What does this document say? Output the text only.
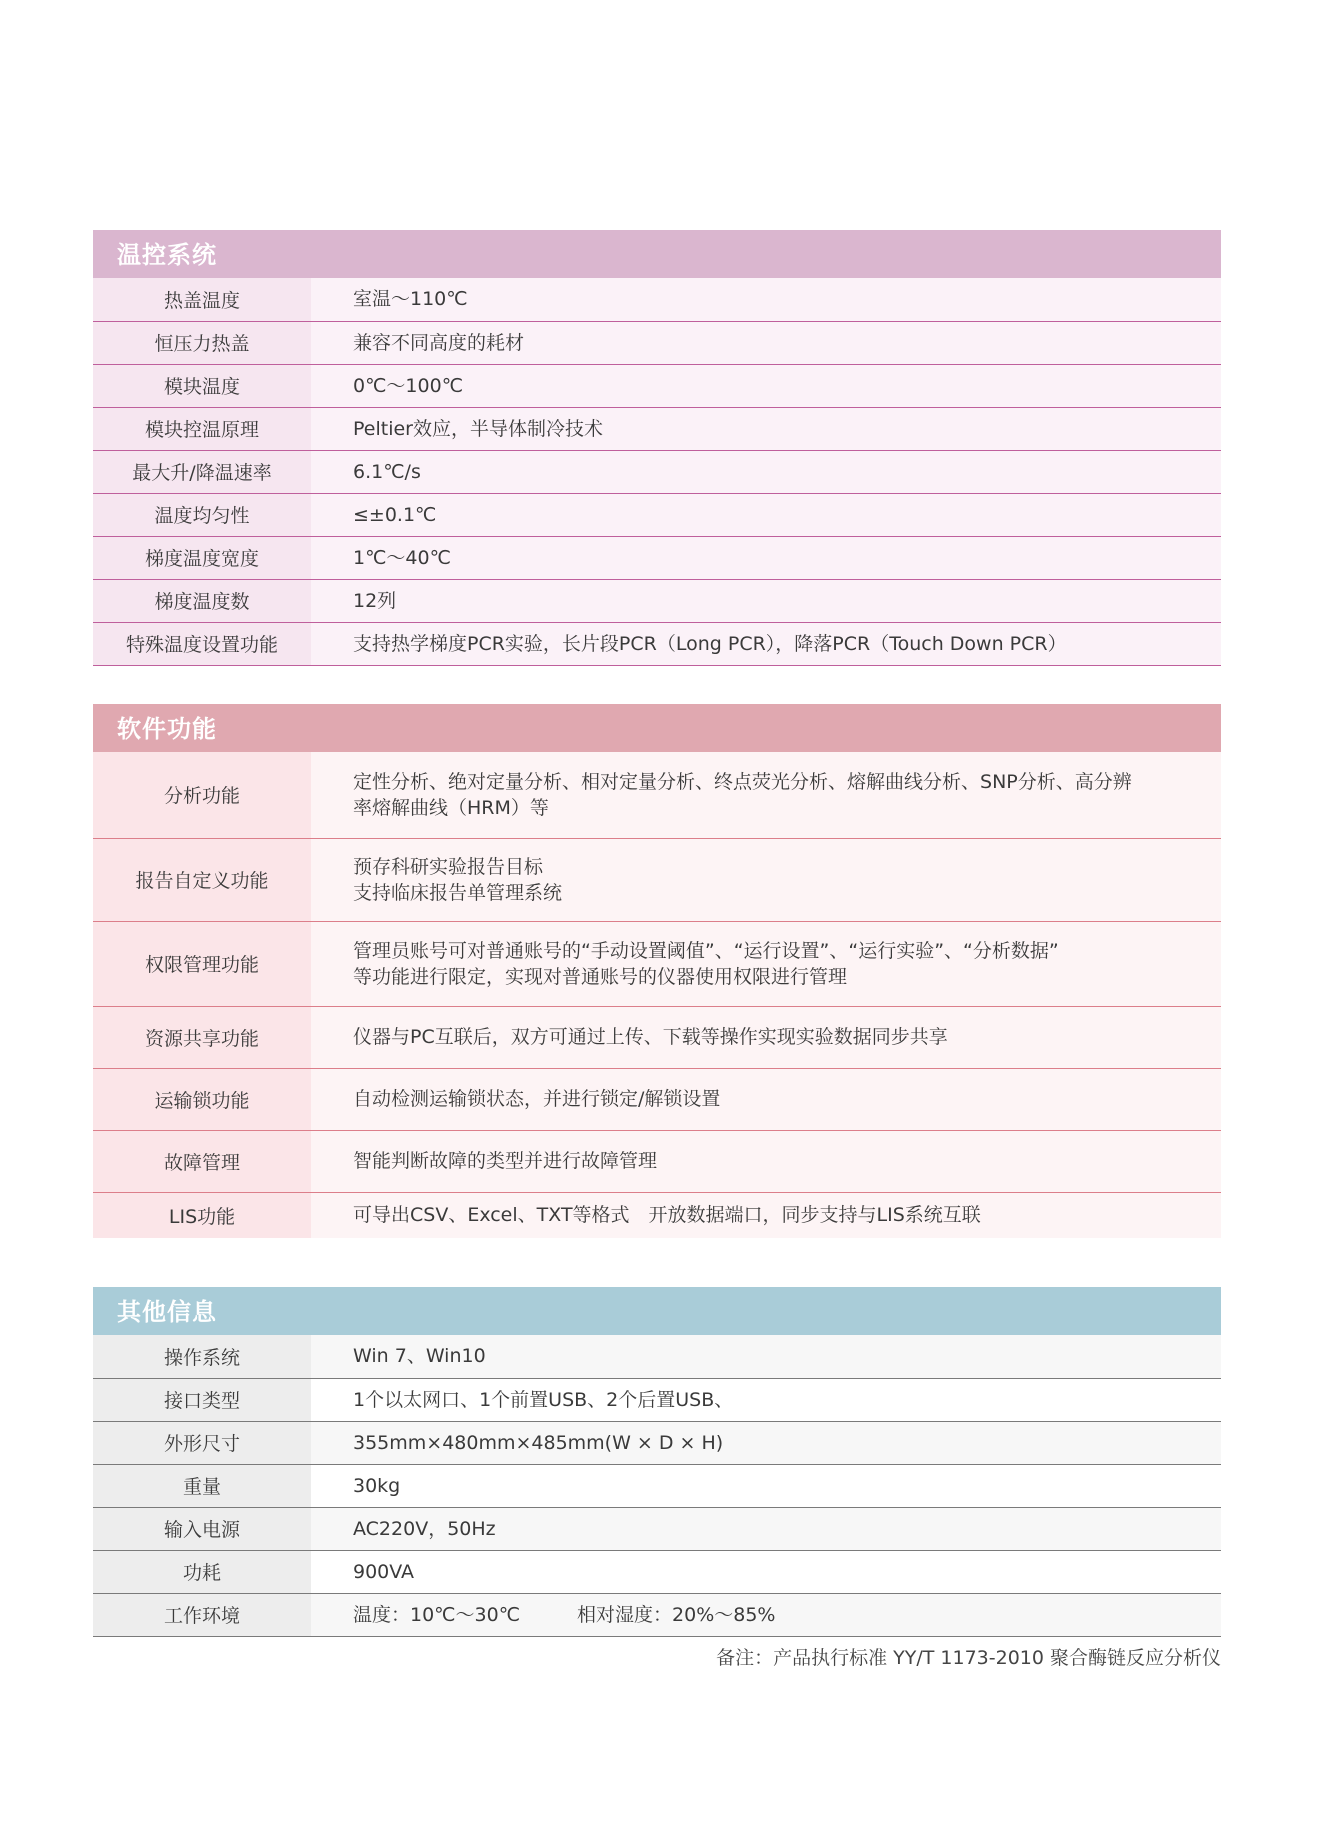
温控系统
热盖温度	室温～110℃

恒压力热盖	兼容不同高度的耗材

模块温度	0℃～100℃

模块控温原理	Peltier效应，半导体制冷技术

最大升/降温速率	6.1℃/s

温度均匀性	≤±0.1℃

梯度温度宽度	1℃～40℃

梯度温度数	12列

特殊温度设置功能	支持热学梯度PCR实验，长片段PCR（Long PCR），降落PCR（Touch Down PCR）
软件功能
分析功能	定性分析、绝对定量分析、相对定量分析、终点荧光分析、熔解曲线分析、SNP分析、高分辨
率熔解曲线（HRM）等

报告自定义功能	预存科研实验报告目标
支持临床报告单管理系统

权限管理功能	管理员账号可对普通账号的“手动设置阈值”、“运行设置”、“运行实验”、“分析数据”
等功能进行限定，实现对普通账号的仪器使用权限进行管理

资源共享功能	仪器与PC互联后，双方可通过上传、下载等操作实现实验数据同步共享

运输锁功能	自动检测运输锁状态，并进行锁定/解锁设置

故障管理	智能判断故障的类型并进行故障管理

LIS功能	可导出CSV、Excel、TXT等格式　开放数据端口，同步支持与LIS系统互联
其他信息
操作系统	Win 7、Win10

接口类型	1个以太网口、1个前置USB、2个后置USB、

外形尺寸	355mm×480mm×485mm(W × D × H)

重量	30kg

输入电源	AC220V，50Hz

功耗	900VA

工作环境	温度：10℃～30℃　　　相对湿度：20%～85%
备注：产品执行标准 YY/T 1173-2010 聚合酶链反应分析仪
